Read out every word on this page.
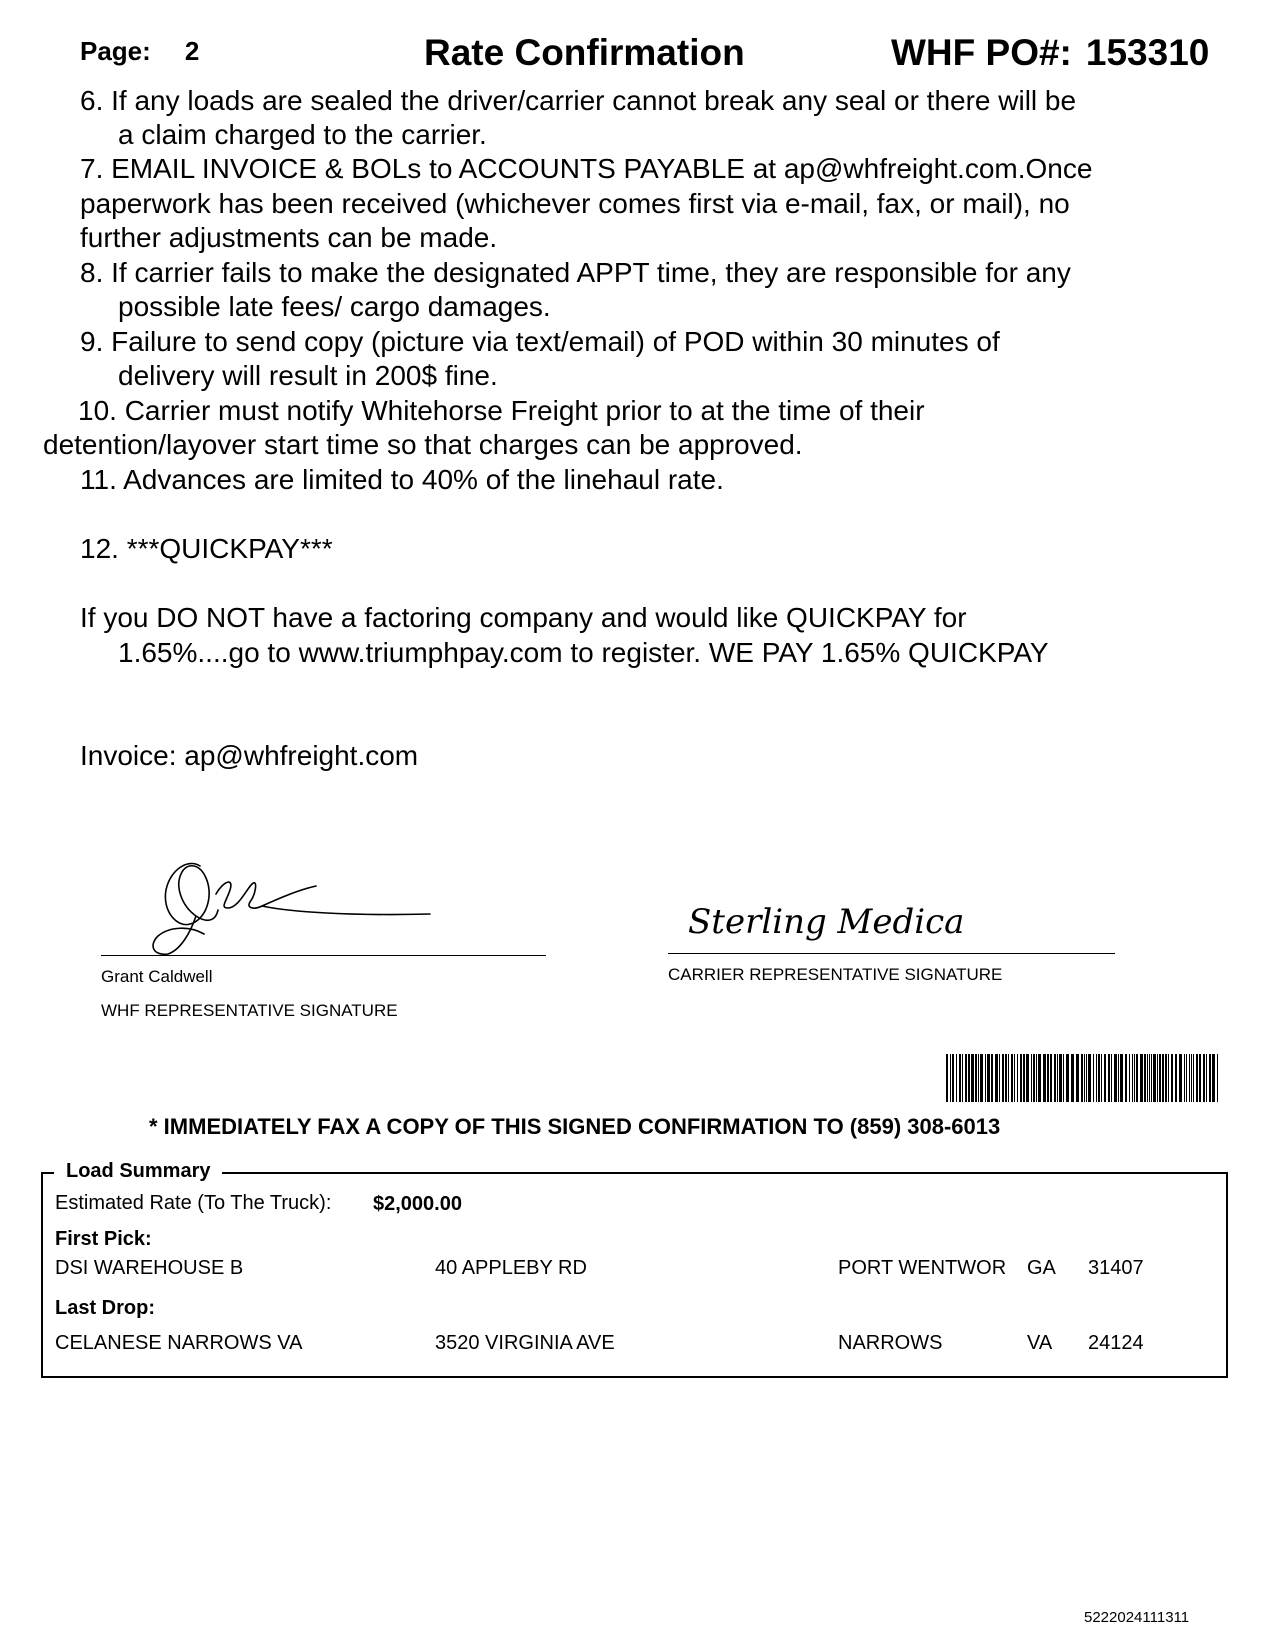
Page: 2	Rate Confirmation	WHF PO#: 153310
6. If any loads are sealed the driver/carrier cannot break any seal or there will be
a claim charged to the carrier.
7. EMAIL INVOICE & BOLs to ACCOUNTS PAYABLE at ap@whfreight.com.Once
paperwork has been received (whichever comes first via e-mail, fax, or mail), no
further adjustments can be made.
8. If carrier fails to make the designated APPT time, they are responsible for any
possible late fees/ cargo damages.
9. Failure to send copy (picture via text/email) of POD within 30 minutes of
delivery will result in 200$ fine.
10. Carrier must notify Whitehorse Freight prior to at the time of their
detention/layover start time so that charges can be approved.
11. Advances are limited to 40% of the linehaul rate.
12. ***QUICKPAY***
If you DO NOT have a factoring company and would like QUICKPAY for
1.65%....go to www.triumphpay.com to register. WE PAY 1.65% QUICKPAY
Invoice: ap@whfreight.com
Grant Caldwell
WHF REPRESENTATIVE SIGNATURE
Sterling Medica
CARRIER REPRESENTATIVE SIGNATURE
* IMMEDIATELY FAX A COPY OF THIS SIGNED CONFIRMATION TO (859) 308-6013
Load Summary
Estimated Rate (To The Truck): $2,000.00
First Pick:
DSI WAREHOUSE B	40 APPLEBY RD	PORT WENTWOR	GA 31407
Last Drop:
CELANESE NARROWS VA	3520 VIRGINIA AVE	NARROWS	VA 24124
5222024111311
